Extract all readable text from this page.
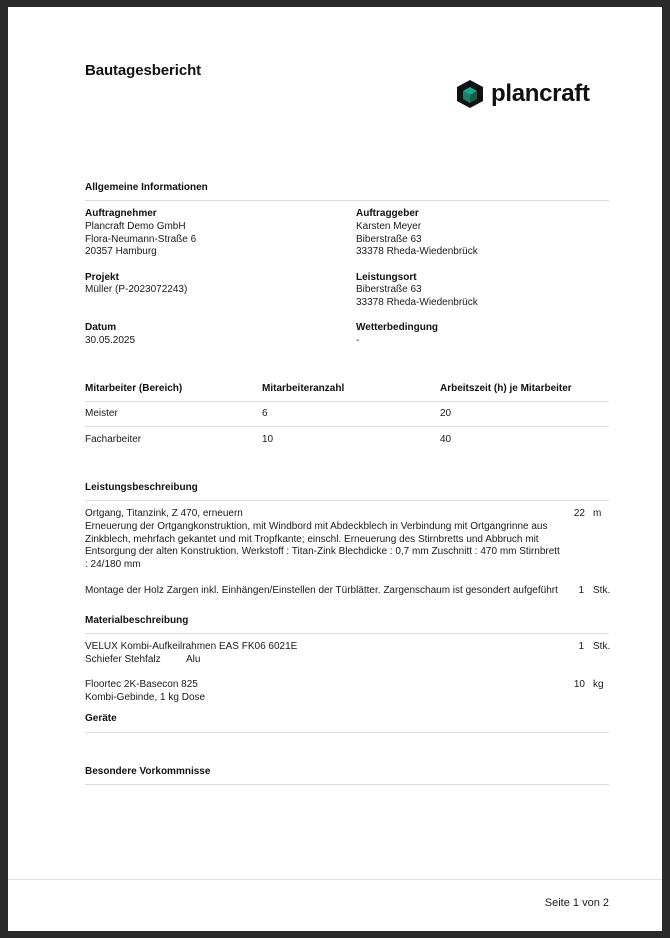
Bautagesbericht
plancraft
Allgemeine Informationen
Auftragnehmer
Plancraft Demo GmbH
Flora-Neumann-Straße 6
20357 Hamburg
Auftraggeber
Karsten Meyer
Biberstraße 63
33378 Rheda-Wiedenbrück
Projekt
Müller (P-2023072243)
Leistungsort
Biberstraße 63
33378 Rheda-Wiedenbrück
Datum
30.05.2025
Wetterbedingung
-
Mitarbeiter (Bereich)	Mitarbeiteranzahl	Arbeitszeit (h) je Mitarbeiter
Meister	6	20
Facharbeiter	10	40
Leistungsbeschreibung
Ortgang, Titanzink, Z 470, erneuern
Erneuerung der Ortgangkonstruktion, mit Windbord mit Abdeckblech in Verbindung mit Ortgangrinne aus Zinkblech, mehrfach gekantet und mit Tropfkante; einschl. Erneuerung des Stirnbretts und Abbruch mit Entsorgung der alten Konstruktion. Werkstoff : Titan-Zink Blechdicke : 0,7 mm Zuschnitt : 470 mm Stirnbrett : 24/180 mm
22 m
Montage der Holz Zargen inkl. Einhängen/Einstellen der Türblätter. Zargenschaum ist gesondert aufgeführt	1 Stk.
Materialbeschreibung
VELUX Kombi-Aufkeilrahmen EAS FK06 6021E
Schiefer Stehfalz	Alu
1 Stk.
Floortec 2K-Basecon 825
Kombi-Gebinde, 1 kg Dose
10 kg
Geräte
Besondere Vorkommnisse
Seite 1 von 2
